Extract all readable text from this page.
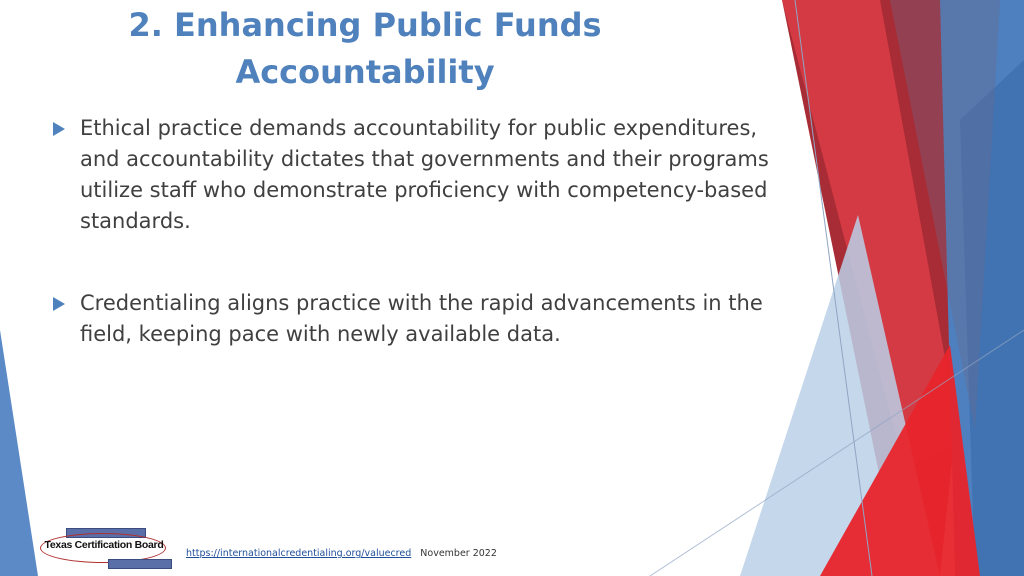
2. Enhancing Public Funds
Accountability
Ethical practice demands accountability for public expenditures, and accountability dictates that governments and their programs utilize staff who demonstrate proficiency with competency-based standards.
Credentialing aligns practice with the rapid advancements in the field, keeping pace with newly available data.
Texas Certification Board
https://internationalcredentialing.org/valuecred November 2022
